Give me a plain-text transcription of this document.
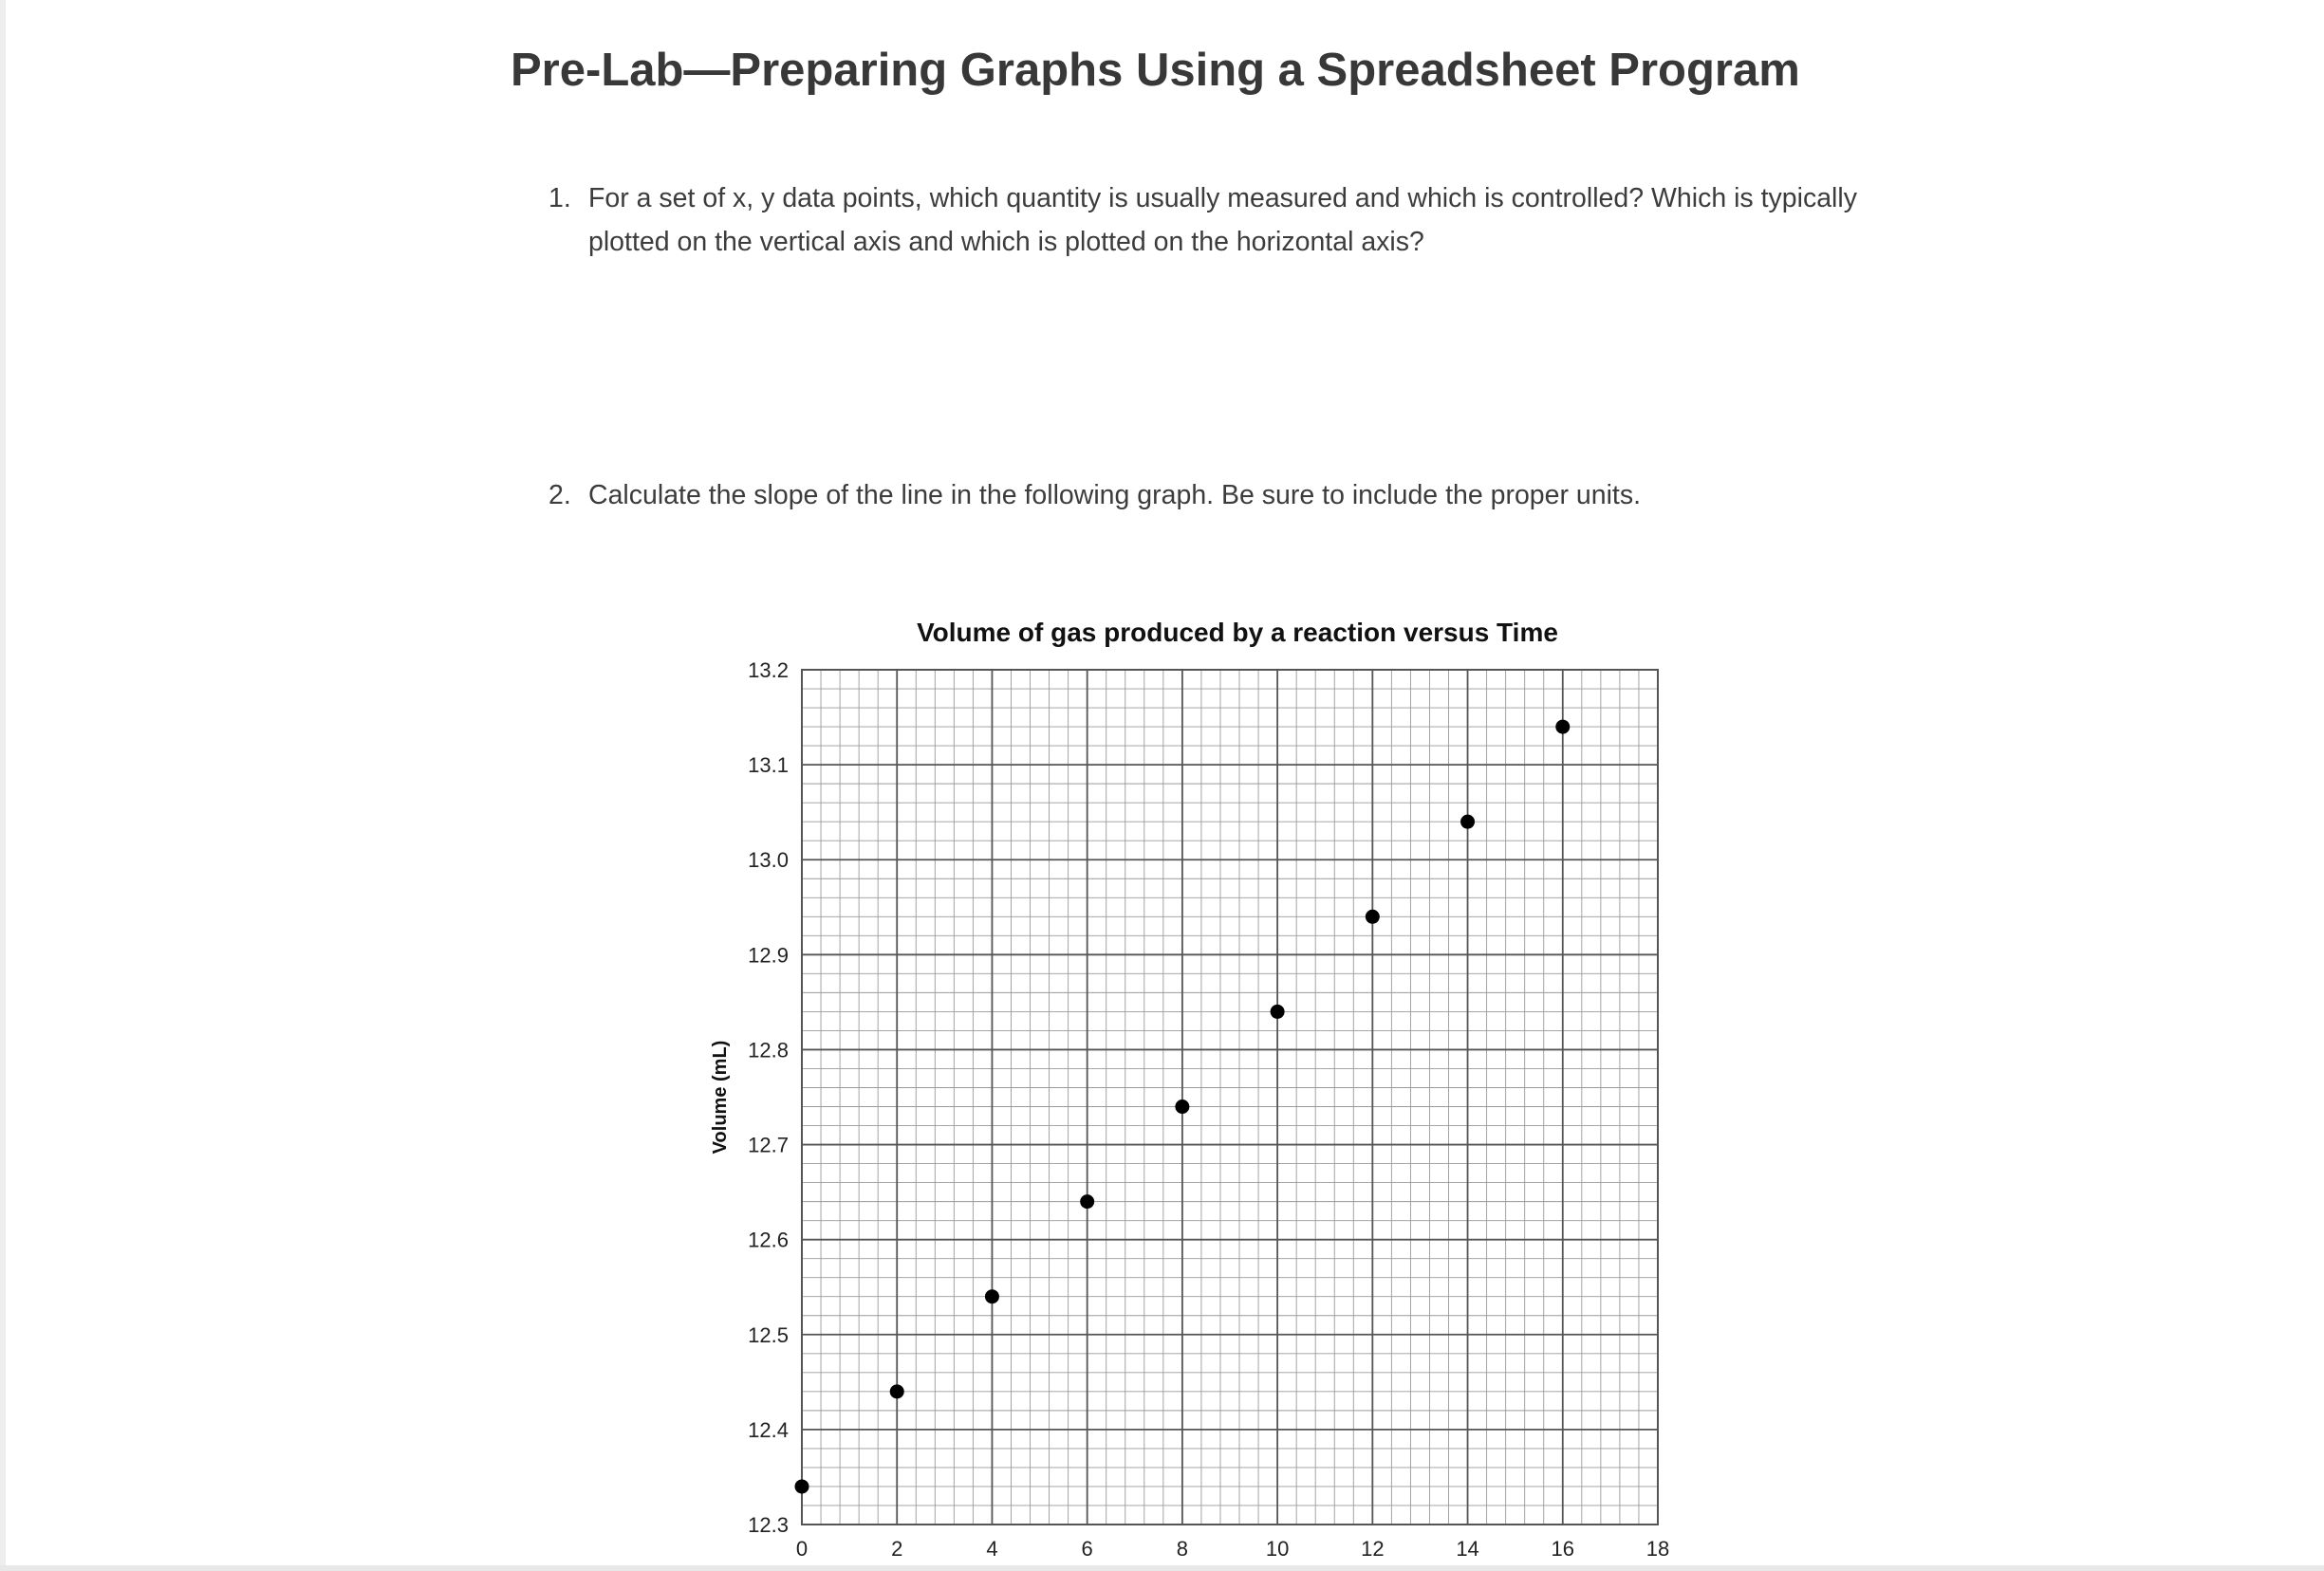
Pre-Lab—Preparing Graphs Using a Spreadsheet Program
1. For a set of x, y data points, which quantity is usually measured and which is controlled? Which is typically plotted on the vertical axis and which is plotted on the horizontal axis?
2. Calculate the slope of the line in the following graph. Be sure to include the proper units.
Volume of gas produced by a reaction versus Time
Volume (mL)
12.3
12.4
12.5
12.6
12.7
12.8
12.9
13.0
13.1
13.2
0	2	4	6	8	10	12	14	16	18
